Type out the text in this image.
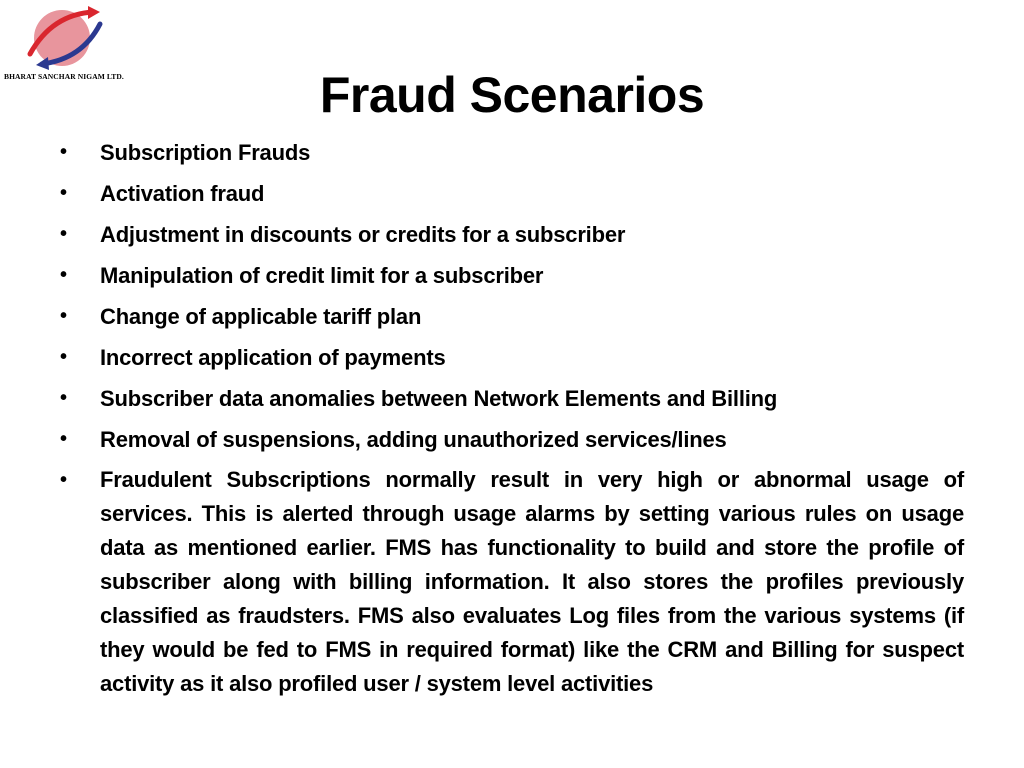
BHARAT SANCHAR NIGAM LTD.	Fraud Scenarios
• Subscription Frauds
• Activation fraud
• Adjustment in discounts or credits for a subscriber
• Manipulation of credit limit for a subscriber
• Change of applicable tariff plan
• Incorrect application of payments
• Subscriber data anomalies between Network Elements and Billing
• Removal of suspensions, adding unauthorized services/lines
• Fraudulent Subscriptions normally result in very high or abnormal usage of services. This is alerted through usage alarms by setting various rules on usage data as mentioned earlier. FMS has functionality to build and store the profile of subscriber along with billing information. It also stores the profiles previously classified as fraudsters. FMS also evaluates Log files from the various systems (if they would be fed to FMS in required format) like the CRM and Billing for suspect activity as it also profiled user / system level activities
